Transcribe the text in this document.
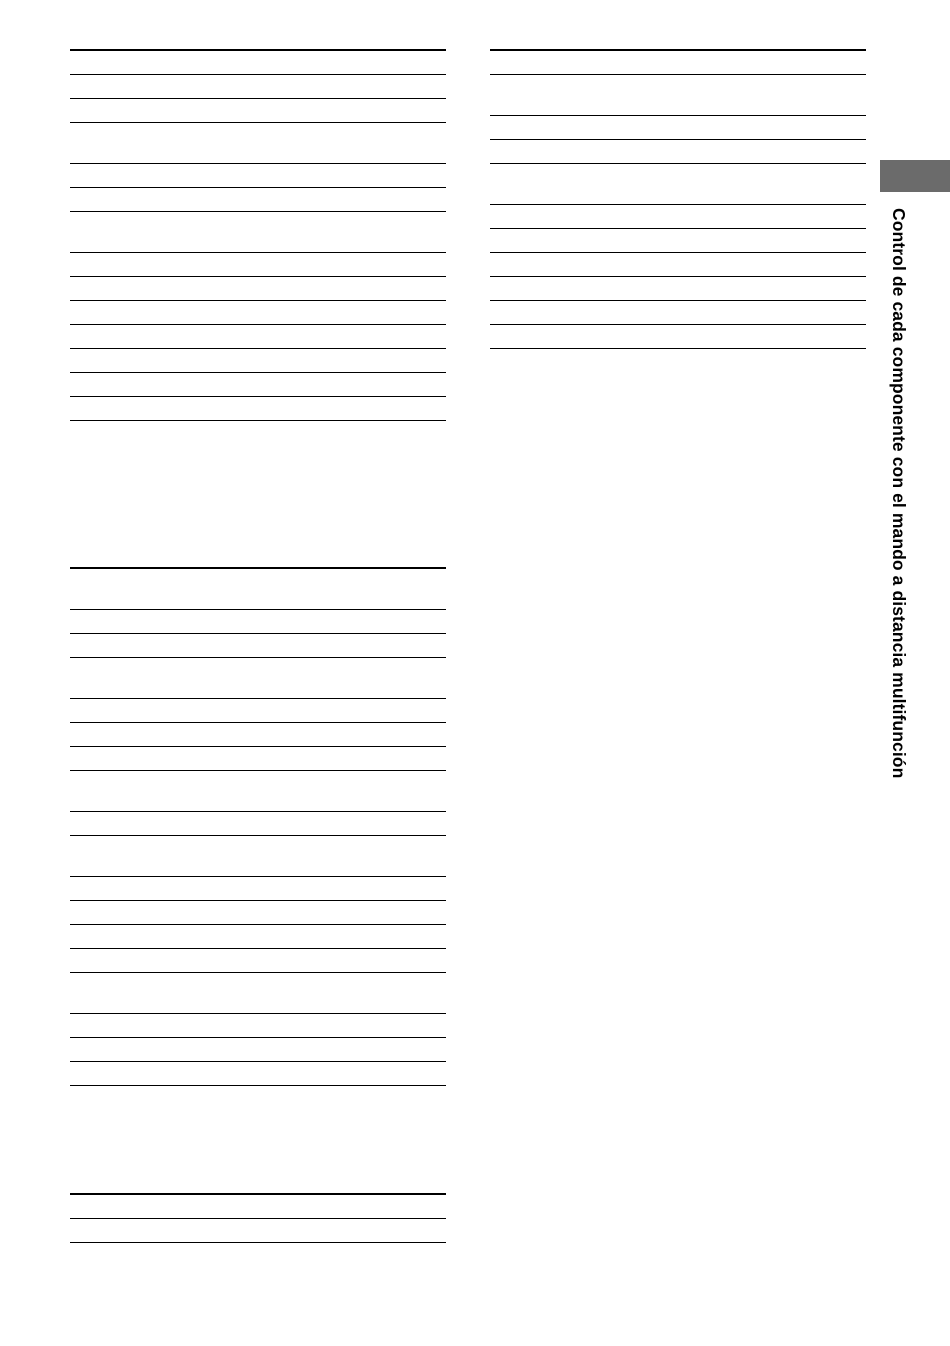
Control de cada componente con el mando a distancia multifunción
